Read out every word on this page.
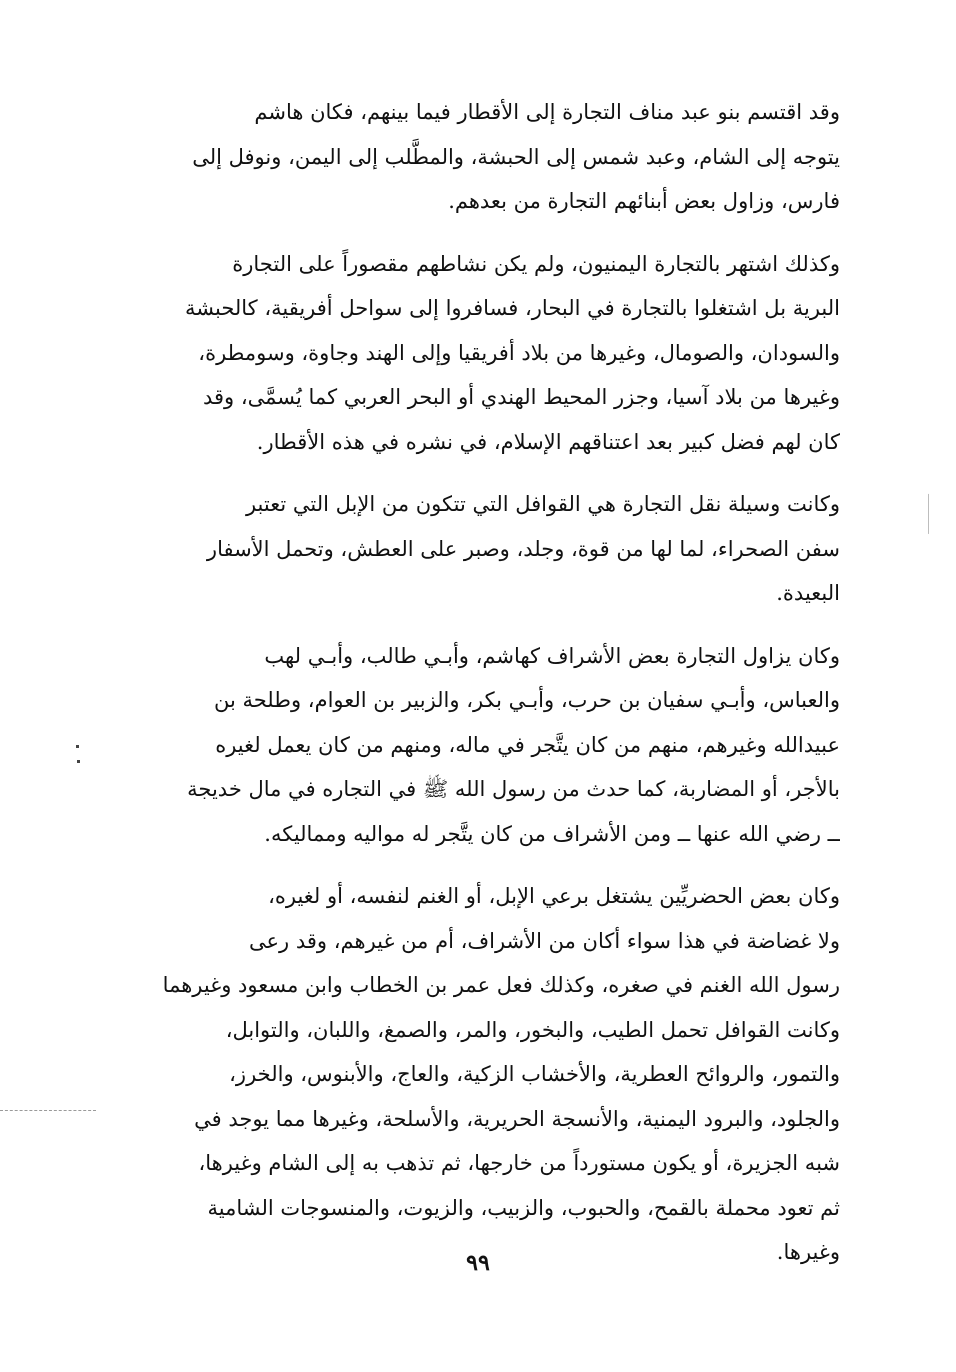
وقد اقتسم بنو عبد مناف التجارة إلى الأقطار فيما بينهم، فكان هاشم
يتوجه إلى الشام، وعبد شمس إلى الحبشة، والمطَّلب إلى اليمن، ونوفل إلى
فارس، وزاول بعض أبنائهم التجارة من بعدهم.

وكذلك اشتهر بالتجارة اليمنيون، ولم يكن نشاطهم مقصوراً على التجارة
البرية بل اشتغلوا بالتجارة في البحار، فسافروا إلى سواحل أفريقية، كالحبشة
والسودان، والصومال، وغيرها من بلاد أفريقيا وإلى الهند وجاوة، وسومطرة،
وغيرها من بلاد آسيا، وجزر المحيط الهندي أو البحر العربي كما يُسمَّى، وقد
كان لهم فضل كبير بعد اعتناقهم الإسلام، في نشره في هذه الأقطار.

وكانت وسيلة نقل التجارة هي القوافل التي تتكون من الإبل التي تعتبر
سفن الصحراء، لما لها من قوة، وجلد، وصبر على العطش، وتحمل الأسفار
البعيدة.

وكان يزاول التجارة بعض الأشراف كهاشم، وأبـي طالب، وأبـي لهب
والعباس، وأبـي سفيان بن حرب، وأبـي بكر، والزبير بن العوام، وطلحة بن
عبيدالله وغيرهم، منهم من كان يتَّجر في ماله، ومنهم من كان يعمل لغيره
بالأجر، أو المضاربة، كما حدث من رسول الله ﷺ في التجاره في مال خديجة
ــ رضي الله عنها ــ ومن الأشراف من كان يتَّجر له مواليه ومماليكه.

وكان بعض الحضريِّين يشتغل برعي الإبل، أو الغنم لنفسه، أو لغيره،
ولا غضاضة في هذا سواء أكان من الأشراف، أم من غيرهم، وقد رعى
رسول الله الغنم في صغره، وكذلك فعل عمر بن الخطاب وابن مسعود وغيرهما
وكانت القوافل تحمل الطيب، والبخور، والمر، والصمغ، واللبان، والتوابل،
والتمور، والروائح العطرية، والأخشاب الزكية، والعاج، والأبنوس، والخرز،
والجلود، والبرود اليمنية، والأنسجة الحريرية، والأسلحة، وغيرها مما يوجد في
شبه الجزيرة، أو يكون مستورداً من خارجها، ثم تذهب به إلى الشام وغيرها،
ثم تعود محملة بالقمح، والحبوب، والزبيب، والزيوت، والمنسوجات الشامية
وغيرها.

٩٩
